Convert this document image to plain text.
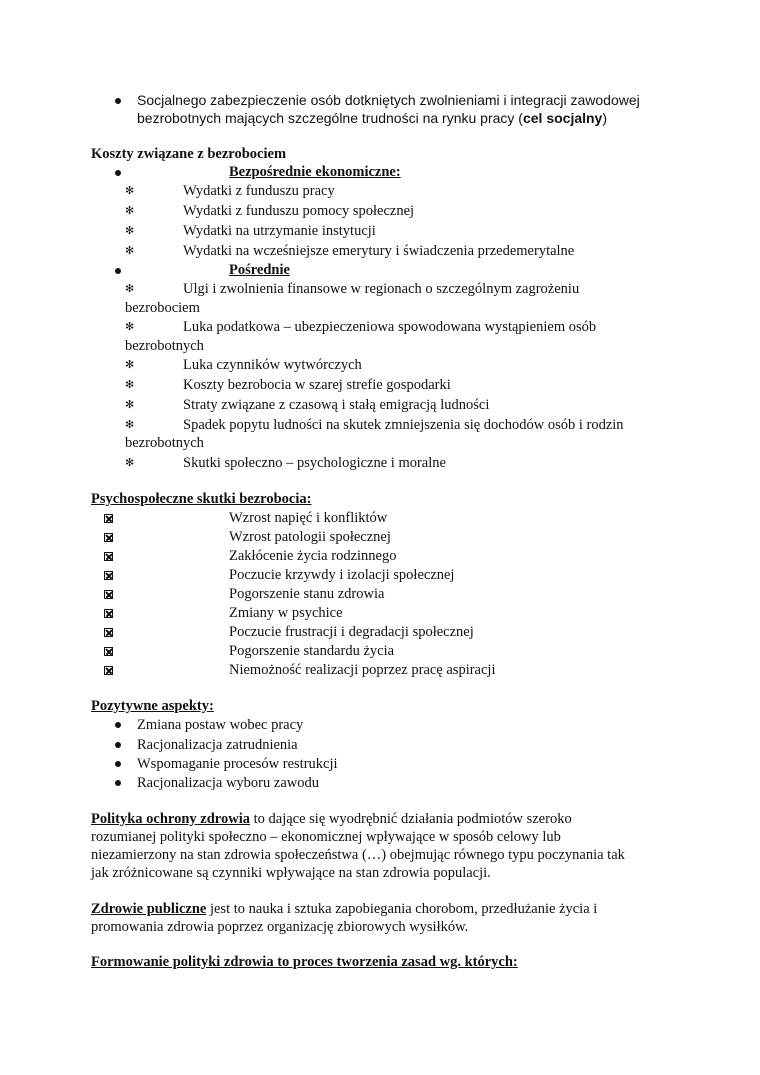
Socjalnego zabezpieczenie osób dotkniętych zwolnieniami i integracji zawodowej
bezrobotnych mających szczególne trudności na rynku pracy (cel socjalny)
Koszty związane z bezrobociem
Bezpośrednie ekonomiczne:
✻	Wydatki z funduszu pracy
✻	Wydatki z funduszu pomocy społecznej
✻	Wydatki na utrzymanie instytucji
✻	Wydatki na wcześniejsze emerytury i świadczenia przedemerytalne
Pośrednie
✻	Ulgi i zwolnienia finansowe w regionach o szczególnym zagrożeniu
bezrobociem
✻	Luka podatkowa – ubezpieczeniowa spowodowana wystąpieniem osób
bezrobotnych
✻	Luka czynników wytwórczych
✻	Koszty bezrobocia w szarej strefie gospodarki
✻	Straty związane z czasową i stałą emigracją ludności
✻	Spadek popytu ludności na skutek zmniejszenia się dochodów osób i rodzin
bezrobotnych
✻	Skutki społeczno – psychologiczne i moralne
Psychospołeczne skutki bezrobocia:
Wzrost napięć i konfliktów
Wzrost patologii społecznej
Zakłócenie życia rodzinnego
Poczucie krzywdy i izolacji społecznej
Pogorszenie stanu zdrowia
Zmiany w psychice
Poczucie frustracji i degradacji społecznej
Pogorszenie standardu życia
Niemożność realizacji poprzez pracę aspiracji
Pozytywne aspekty:
Zmiana postaw wobec pracy
Racjonalizacja zatrudnienia
Wspomaganie procesów restrukcji
Racjonalizacja wyboru zawodu
Polityka ochrony zdrowia to dające się wyodrębnić działania podmiotów szeroko
rozumianej polityki społeczno – ekonomicznej wpływające w sposób celowy lub
niezamierzony na stan zdrowia społeczeństwa (…) obejmując równego typu poczynania tak
jak zróżnicowane są czynniki wpływające na stan zdrowia populacji.
Zdrowie publiczne jest to nauka i sztuka zapobiegania chorobom, przedłużanie życia i
promowania zdrowia poprzez organizację zbiorowych wysiłków.
Formowanie polityki zdrowia to proces tworzenia zasad wg. których:
